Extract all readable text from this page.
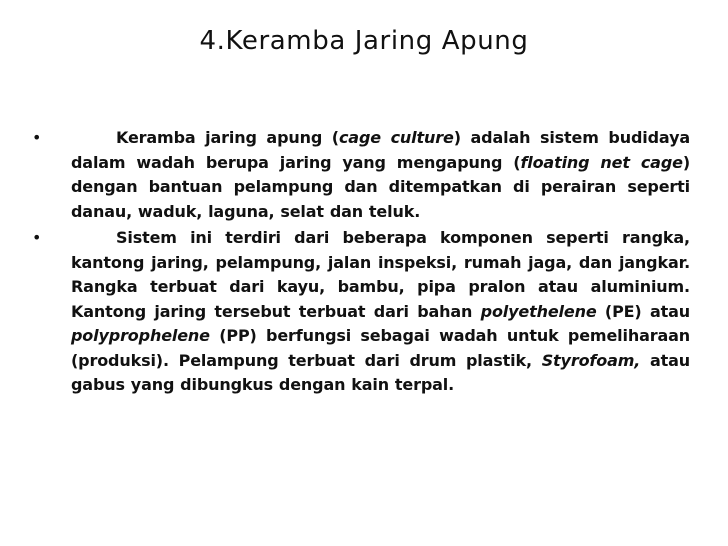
4.Keramba Jaring Apung
•	Keramba jaring apung (cage culture) adalah sistem budidaya dalam wadah berupa jaring yang mengapung (floating net cage) dengan bantuan pelampung dan ditempatkan di perairan seperti danau, waduk, laguna, selat dan teluk.
•	Sistem ini terdiri dari beberapa komponen seperti rangka, kantong jaring, pelampung, jalan inspeksi, rumah jaga, dan jangkar. Rangka terbuat dari kayu, bambu, pipa pralon atau aluminium. Kantong jaring tersebut terbuat dari bahan polyethelene (PE) atau polyprophelene (PP) berfungsi sebagai wadah untuk pemeliharaan (produksi). Pelampung terbuat dari drum plastik, Styrofoam, atau gabus yang dibungkus dengan kain terpal.
